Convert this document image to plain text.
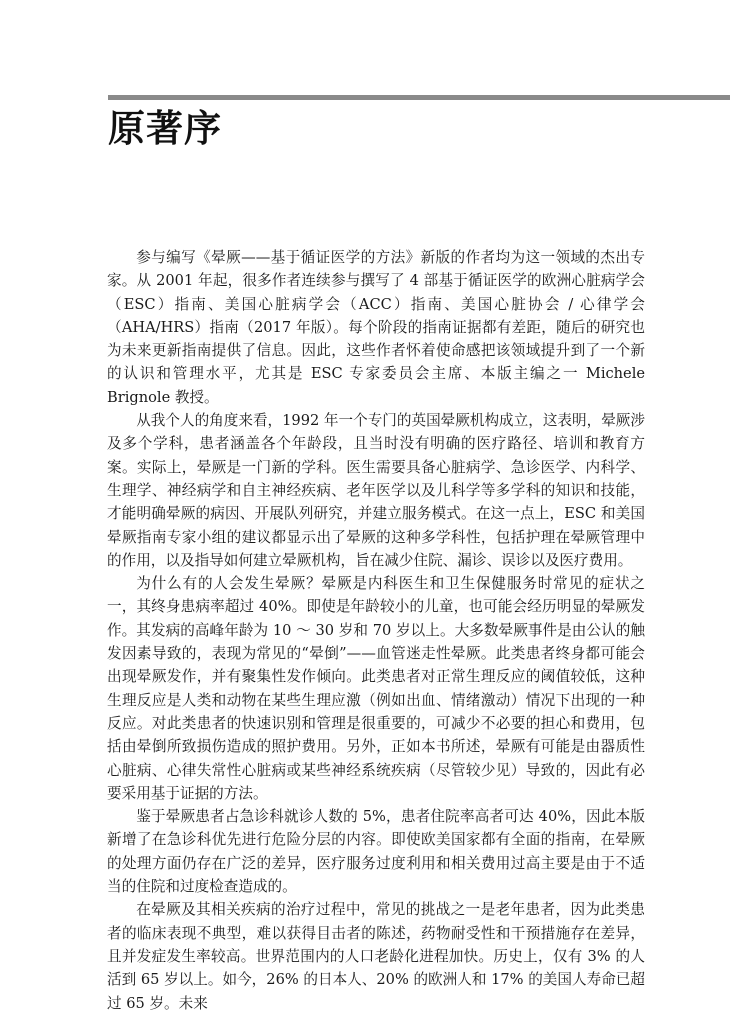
原著序

参与编写《晕厥——基于循证医学的方法》新版的作者均为这一领域的杰出专家。从 2001 年起，很多作者连续参与撰写了 4 部基于循证医学的欧洲心脏病学会（ESC）指南、美国心脏病学会（ACC）指南、美国心脏协会 / 心律学会（AHA/HRS）指南（2017 年版）。每个阶段的指南证据都有差距，随后的研究也为未来更新指南提供了信息。因此，这些作者怀着使命感把该领域提升到了一个新的认识和管理水平，尤其是 ESC 专家委员会主席、本版主编之一 Michele Brignole 教授。

从我个人的角度来看，1992 年一个专门的英国晕厥机构成立，这表明，晕厥涉及多个学科，患者涵盖各个年龄段，且当时没有明确的医疗路径、培训和教育方案。实际上，晕厥是一门新的学科。医生需要具备心脏病学、急诊医学、内科学、生理学、神经病学和自主神经疾病、老年医学以及儿科学等多学科的知识和技能，才能明确晕厥的病因、开展队列研究，并建立服务模式。在这一点上，ESC 和美国晕厥指南专家小组的建议都显示出了晕厥的这种多学科性，包括护理在晕厥管理中的作用，以及指导如何建立晕厥机构，旨在减少住院、漏诊、误诊以及医疗费用。

为什么有的人会发生晕厥？晕厥是内科医生和卫生保健服务时常见的症状之一，其终身患病率超过 40%。即使是年龄较小的儿童，也可能会经历明显的晕厥发作。其发病的高峰年龄为 10 ～ 30 岁和 70 岁以上。大多数晕厥事件是由公认的触发因素导致的，表现为常见的“晕倒”——血管迷走性晕厥。此类患者终身都可能会出现晕厥发作，并有聚集性发作倾向。此类患者对正常生理反应的阈值较低，这种生理反应是人类和动物在某些生理应激（例如出血、情绪激动）情况下出现的一种反应。对此类患者的快速识别和管理是很重要的，可减少不必要的担心和费用，包括由晕倒所致损伤造成的照护费用。另外，正如本书所述，晕厥有可能是由器质性心脏病、心律失常性心脏病或某些神经系统疾病（尽管较少见）导致的，因此有必要采用基于证据的方法。

鉴于晕厥患者占急诊科就诊人数的 5%，患者住院率高者可达 40%，因此本版新增了在急诊科优先进行危险分层的内容。即使欧美国家都有全面的指南，在晕厥的处理方面仍存在广泛的差异，医疗服务过度利用和相关费用过高主要是由于不适当的住院和过度检查造成的。

在晕厥及其相关疾病的治疗过程中，常见的挑战之一是老年患者，因为此类患者的临床表现不典型，难以获得目击者的陈述，药物耐受性和干预措施存在差异，且并发症发生率较高。世界范围内的人口老龄化进程加快。历史上，仅有 3% 的人活到 65 岁以上。如今，26% 的日本人、20% 的欧洲人和 17% 的美国人寿命已超过 65 岁。未来
